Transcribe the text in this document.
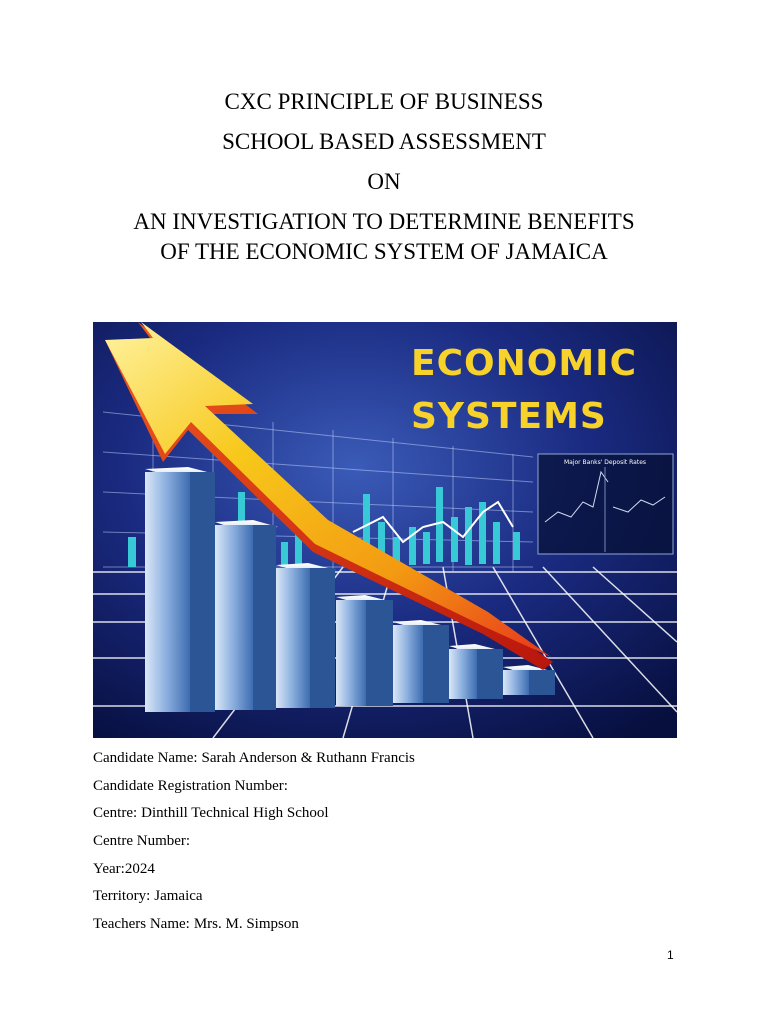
CXC PRINCIPLE OF BUSINESS
SCHOOL BASED ASSESSMENT
ON
AN INVESTIGATION TO DETERMINE BENEFITS
OF THE ECONOMIC SYSTEM OF JAMAICA
Major Banks' Deposit Rates
ECONOMIC
SYSTEMS

Candidate Name: Sarah Anderson & Ruthann Francis

Candidate Registration Number:

Centre: Dinthill Technical High School

Centre Number:

Year:2024

Territory: Jamaica

Teachers Name: Mrs. M. Simpson

1
